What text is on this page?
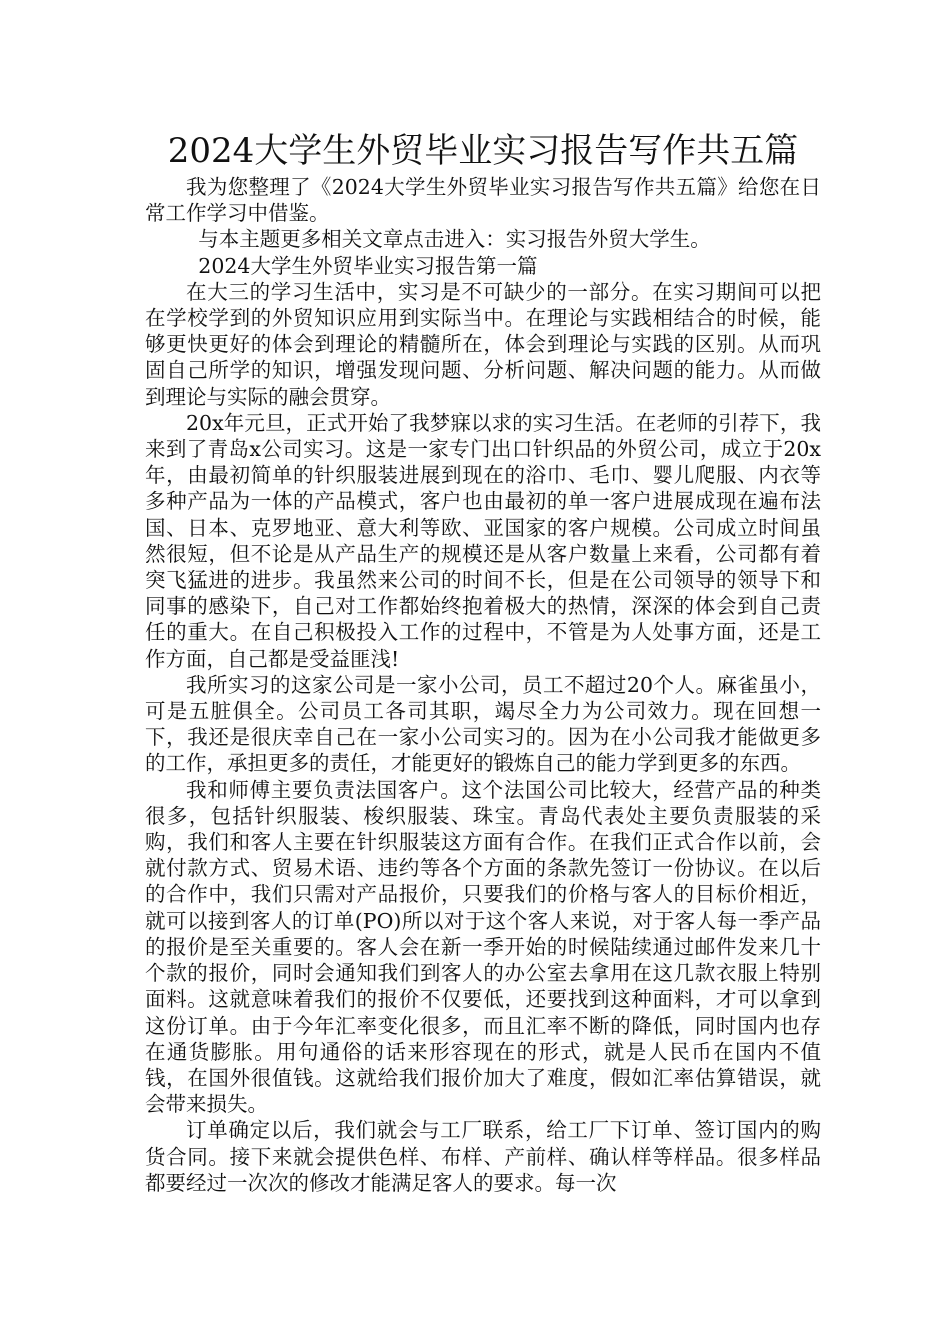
2024大学生外贸毕业实习报告写作共五篇

我为您整理了《2024大学生外贸毕业实习报告写作共五篇》给您在日常工作学习中借鉴。

与本主题更多相关文章点击进入：实习报告外贸大学生。

2024大学生外贸毕业实习报告第一篇

在大三的学习生活中，实习是不可缺少的一部分。在实习期间可以把在学校学到的外贸知识应用到实际当中。在理论与实践相结合的时候，能够更快更好的体会到理论的精髓所在，体会到理论与实践的区别。从而巩固自己所学的知识，增强发现问题、分析问题、解决问题的能力。从而做到理论与实际的融会贯穿。

20x年元旦，正式开始了我梦寐以求的实习生活。在老师的引荐下，我来到了青岛x公司实习。这是一家专门出口针织品的外贸公司，成立于20x年，由最初简单的针织服装进展到现在的浴巾、毛巾、婴儿爬服、内衣等多种产品为一体的产品模式，客户也由最初的单一客户进展成现在遍布法国、日本、克罗地亚、意大利等欧、亚国家的客户规模。公司成立时间虽然很短，但不论是从产品生产的规模还是从客户数量上来看，公司都有着突飞猛进的进步。我虽然来公司的时间不长，但是在公司领导的领导下和同事的感染下，自己对工作都始终抱着极大的热情，深深的体会到自己责任的重大。在自己积极投入工作的过程中，不管是为人处事方面，还是工作方面，自己都是受益匪浅!

我所实习的这家公司是一家小公司，员工不超过20个人。麻雀虽小，可是五脏俱全。公司员工各司其职，竭尽全力为公司效力。现在回想一下，我还是很庆幸自己在一家小公司实习的。因为在小公司我才能做更多的工作，承担更多的责任，才能更好的锻炼自己的能力学到更多的东西。

我和师傅主要负责法国客户。这个法国公司比较大，经营产品的种类很多，包括针织服装、梭织服装、珠宝。青岛代表处主要负责服装的采购，我们和客人主要在针织服装这方面有合作。在我们正式合作以前，会就付款方式、贸易术语、违约等各个方面的条款先签订一份协议。在以后的合作中，我们只需对产品报价，只要我们的价格与客人的目标价相近，就可以接到客人的订单(PO)所以对于这个客人来说，对于客人每一季产品的报价是至关重要的。客人会在新一季开始的时候陆续通过邮件发来几十个款的报价，同时会通知我们到客人的办公室去拿用在这几款衣服上特别面料。这就意味着我们的报价不仅要低，还要找到这种面料，才可以拿到这份订单。由于今年汇率变化很多，而且汇率不断的降低，同时国内也存在通货膨胀。用句通俗的话来形容现在的形式，就是人民币在国内不值钱，在国外很值钱。这就给我们报价加大了难度，假如汇率估算错误，就会带来损失。

订单确定以后，我们就会与工厂联系，给工厂下订单、签订国内的购货合同。接下来就会提供色样、布样、产前样、确认样等样品。很多样品都要经过一次次的修改才能满足客人的要求。每一次
